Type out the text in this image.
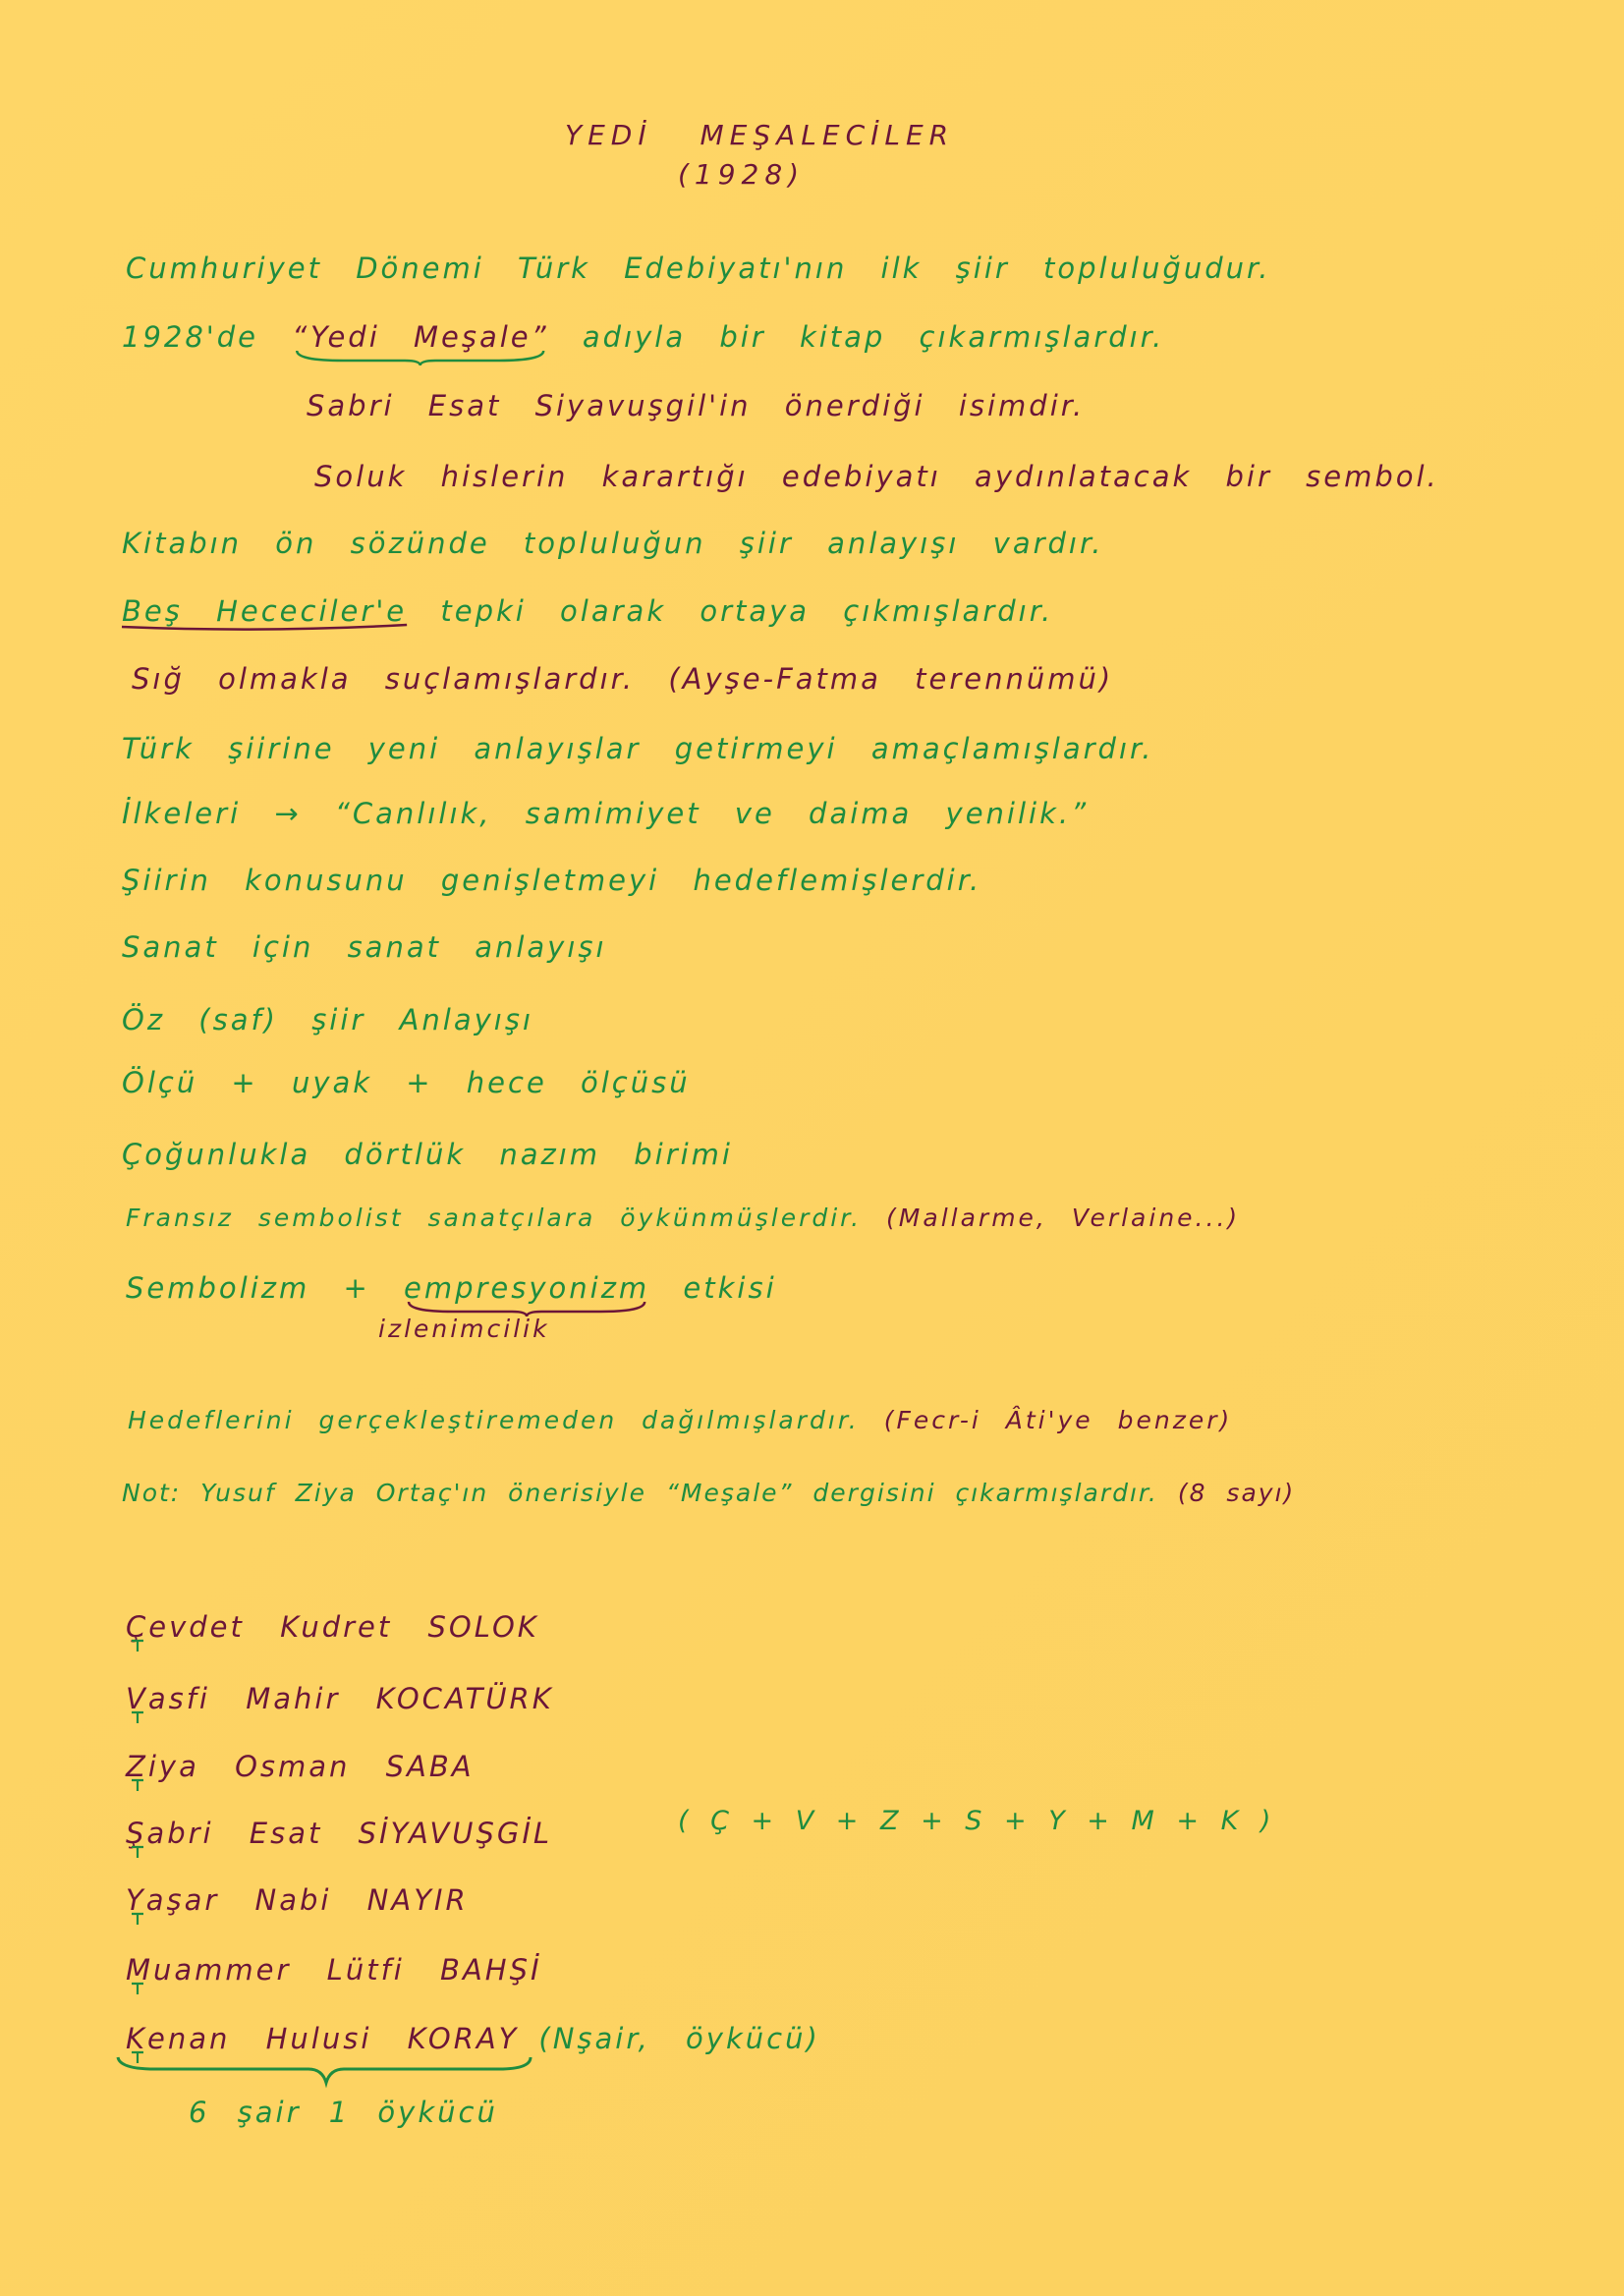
YEDİ MEŞALECİLER
(1928)
Cumhuriyet Dönemi Türk Edebiyatı'nın ilk şiir topluluğudur.
1928'de “Yedi Meşale”
adıyla bir kitap çıkarmışlardır.
Sabri Esat Siyavuşgil'in önerdiği isimdir.
Soluk hislerin karartığı edebiyatı aydınlatacak bir sembol.
Kitabın ön sözünde topluluğun şiir anlayışı vardır.
Beş Hececiler'e
tepki olarak ortaya çıkmışlardır.
Sığ olmakla suçlamışlardır. (Ayşe-Fatma terennümü)
Türk şiirine yeni anlayışlar getirmeyi amaçlamışlardır.
İlkeleri → “Canlılık, samimiyet ve daima yenilik.”
Şiirin konusunu genişletmeyi hedeflemişlerdir.
Sanat için sanat anlayışı
Öz (saf) şiir Anlayışı
Ölçü + uyak + hece ölçüsü
Çoğunlukla dörtlük nazım birimi
Fransız sembolist sanatçılara öykünmüşlerdir. (Mallarme, Verlaine...)
Sembolizm + empresyonizm
etkisi
izlenimcilik
Hedeflerini gerçekleştiremeden dağılmışlardır. (Fecr-i Âti'ye benzer)
Not: Yusuf Ziya Ortaç'ın önerisiyle “Meşale” dergisini çıkarmışlardır. (8 sayı)
Ç
evdet Kudret SOLOK
V
asfi Mahir KOCATÜRK
Z
iya Osman SABA
Ş
abri Esat SİYAVUŞGİL	( Ç + V + Z + S + Y + M + K )
Y
aşar Nabi NAYIR
M
uammer Lütfi BAHŞİ
K
enan Hulusi KORAY (Nşair, öykücü)
6 şair 1 öykücü
